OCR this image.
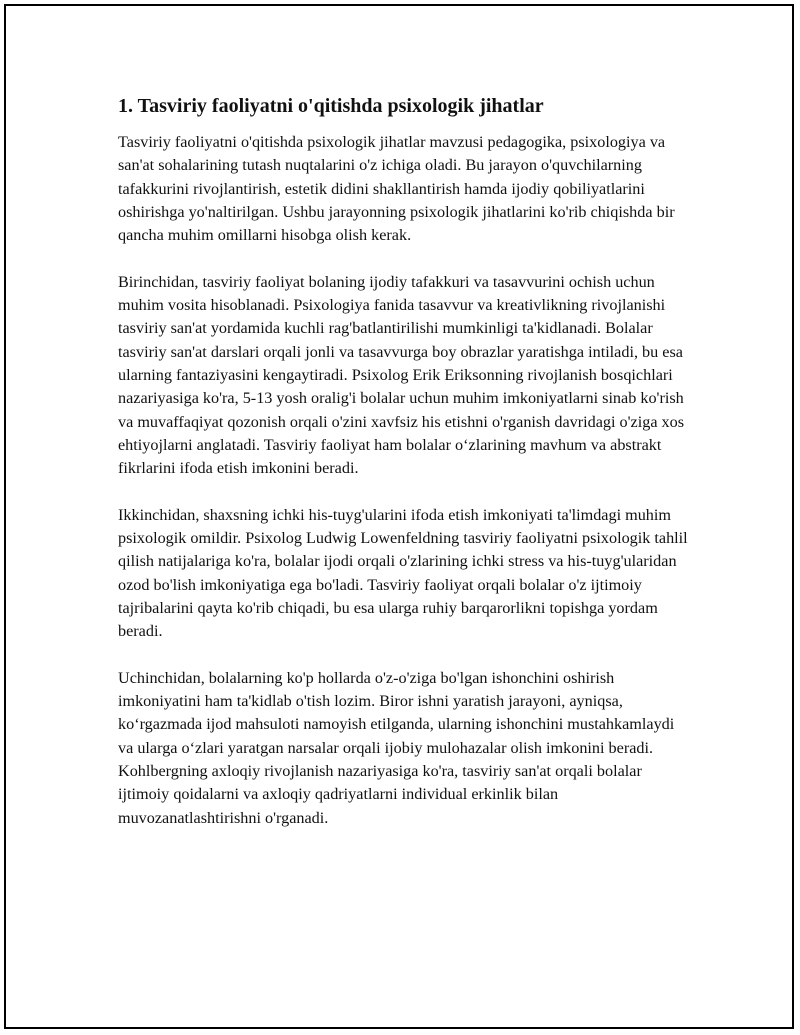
1. Tasviriy faoliyatni o'qitishda psixologik jihatlar

Tasviriy faoliyatni o'qitishda psixologik jihatlar mavzusi pedagogika, psixologiya va san'at sohalarining tutash nuqtalarini o'z ichiga oladi. Bu jarayon o'quvchilarning tafakkurini rivojlantirish, estetik didini shakllantirish hamda ijodiy qobiliyatlarini oshirishga yo'naltirilgan. Ushbu jarayonning psixologik jihatlarini ko'rib chiqishda bir qancha muhim omillarni hisobga olish kerak.

Birinchidan, tasviriy faoliyat bolaning ijodiy tafakkuri va tasavvurini ochish uchun muhim vosita hisoblanadi. Psixologiya fanida tasavvur va kreativlikning rivojlanishi tasviriy san'at yordamida kuchli rag'batlantirilishi mumkinligi ta'kidlanadi. Bolalar tasviriy san'at darslari orqali jonli va tasavvurga boy obrazlar yaratishga intiladi, bu esa ularning fantaziyasini kengaytiradi. Psixolog Erik Eriksonning rivojlanish bosqichlari nazariyasiga ko'ra, 5-13 yosh oralig'i bolalar uchun muhim imkoniyatlarni sinab ko'rish va muvaffaqiyat qozonish orqali o'zini xavfsiz his etishni o'rganish davridagi o'ziga xos ehtiyojlarni anglatadi. Tasviriy faoliyat ham bolalar o‘zlarining mavhum va abstrakt fikrlarini ifoda etish imkonini beradi.

Ikkinchidan, shaxsning ichki his-tuyg'ularini ifoda etish imkoniyati ta'limdagi muhim psixologik omildir. Psixolog Ludwig Lowenfeldning tasviriy faoliyatni psixologik tahlil qilish natijalariga ko'ra, bolalar ijodi orqali o'zlarining ichki stress va his-tuyg'ularidan ozod bo'lish imkoniyatiga ega bo'ladi. Tasviriy faoliyat orqali bolalar o'z ijtimoiy tajribalarini qayta ko'rib chiqadi, bu esa ularga ruhiy barqarorlikni topishga yordam beradi.

Uchinchidan, bolalarning ko'p hollarda o'z-o'ziga bo'lgan ishonchini oshirish imkoniyatini ham ta'kidlab o'tish lozim. Biror ishni yaratish jarayoni, ayniqsa, ko‘rgazmada ijod mahsuloti namoyish etilganda, ularning ishonchini mustahkamlaydi va ularga o‘zlari yaratgan narsalar orqali ijobiy mulohazalar olish imkonini beradi. Kohlbergning axloqiy rivojlanish nazariyasiga ko'ra, tasviriy san'at orqali bolalar ijtimoiy qoidalarni va axloqiy qadriyatlarni individual erkinlik bilan muvozanatlashtirishni o'rganadi.
